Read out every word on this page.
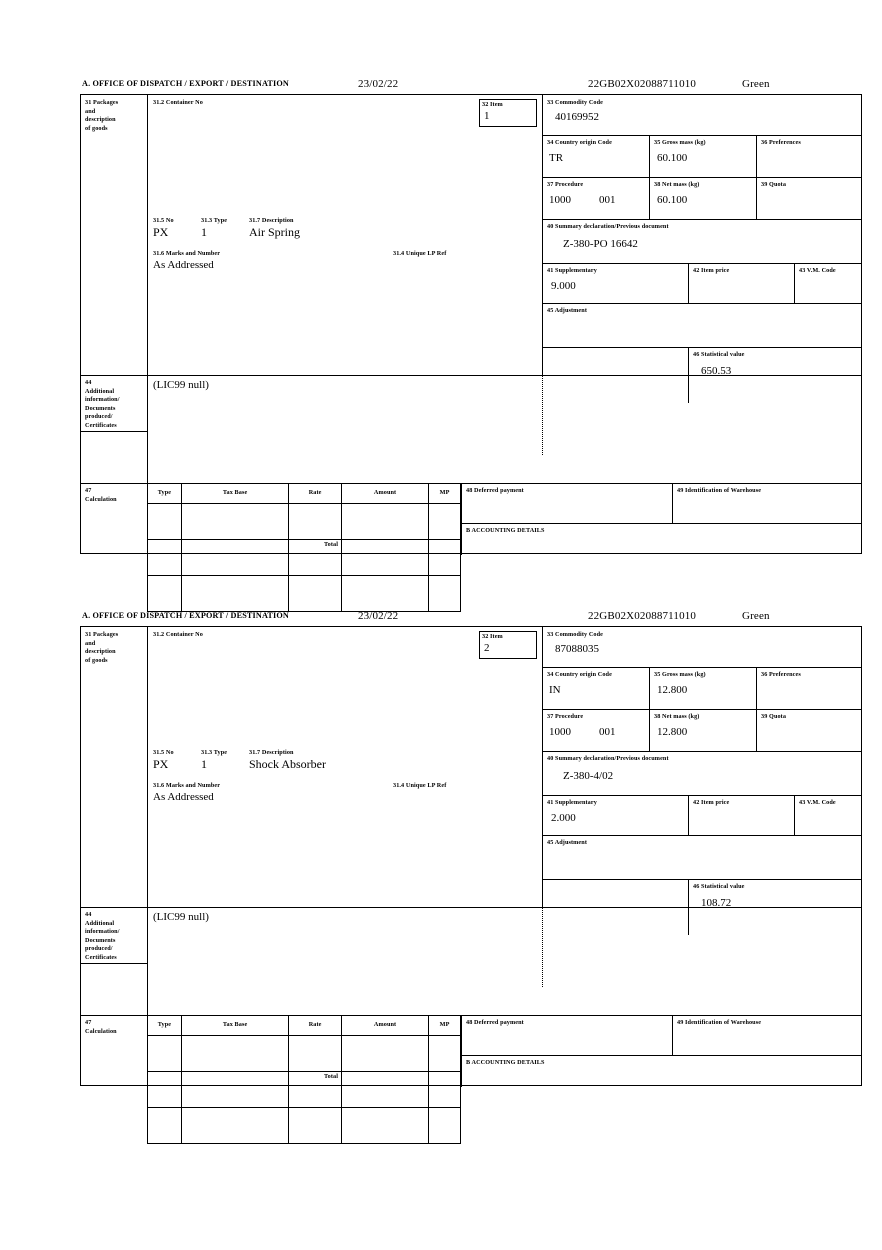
A. OFFICE OF DISPATCH / EXPORT / DESTINATION	23/02/22	22GB02X02088711010	Green
31 Packages
and
description
of goods
31.2 Container No	32 Item
1
31.5 No	31.3 Type	31.7 Description
PX	1	Air Spring
31.6 Marks and Number	31.4 Unique LP Ref
As Addressed
33 Commodity Code
40169952
34 Country origin Code
TR
35 Gross mass (kg)
60.100
36 Preferences
37 Procedure
1000	001
38 Net mass (kg)
60.100
39 Quota
40 Summary declaration/Previous document
Z-380-PO 16642
41 Supplementary
9.000
42 Item price	43 V.M. Code
45 Adjustment
46 Statistical value
650.53
44
Additional
information/
Documents
produced/
Certificates
(LIC99 null)
47
Calculation
Type	Tax Base	Rate	Amount	MP

Total
48 Deferred payment	49 Identification of Warehouse
B ACCOUNTING DETAILS
A. OFFICE OF DISPATCH / EXPORT / DESTINATION	23/02/22	22GB02X02088711010	Green
31 Packages
and
description
of goods
31.2 Container No	32 Item
2
31.5 No	31.3 Type	31.7 Description
PX	1	Shock Absorber
31.6 Marks and Number	31.4 Unique LP Ref
As Addressed
33 Commodity Code
87088035
34 Country origin Code
IN
35 Gross mass (kg)
12.800
36 Preferences
37 Procedure
1000	001
38 Net mass (kg)
12.800
39 Quota
40 Summary declaration/Previous document
Z-380-4/02
41 Supplementary
2.000
42 Item price	43 V.M. Code
45 Adjustment
46 Statistical value
108.72
44
Additional
information/
Documents
produced/
Certificates
(LIC99 null)
47
Calculation
Type	Tax Base	Rate	Amount	MP

Total
48 Deferred payment	49 Identification of Warehouse
B ACCOUNTING DETAILS
